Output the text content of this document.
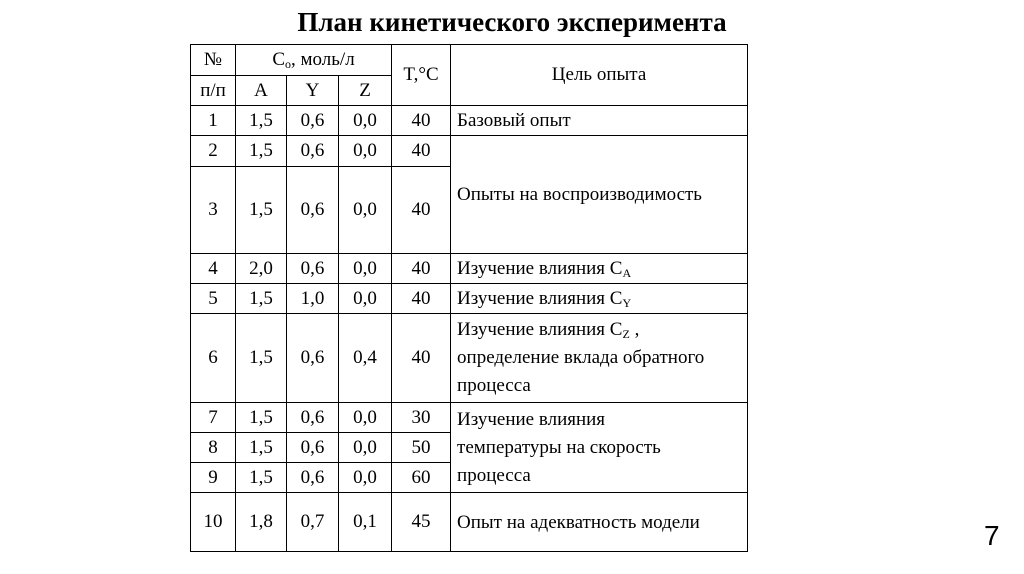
План кинетического эксперимента
№	$C_o$, моль/л			T,°C	Цель опыта
п/п	A	Y	Z		
1	1,5	0,6	0,0	40	Базовый опыт
2	1,5	0,6	0,0	40	Опыты на воспроизводимость
3	1,5	0,6	0,0	40	
4	2,0	0,6	0,0	40	Изучение влияния $C_A$
5	1,5	1,0	0,0	40	Изучение влияния $C_Y$
6	1,5	0,6	0,4	40	Изучение влияния $C_Z$ ,
определение вклада обратного
процесса
7	1,5	0,6	0,0	30	Изучение влияния
температуры на скорость
процесса
8	1,5	0,6	0,0	50	
9	1,5	0,6	0,0	60	
10	1,8	0,7	0,1	45	Опыт на адекватность модели	7
